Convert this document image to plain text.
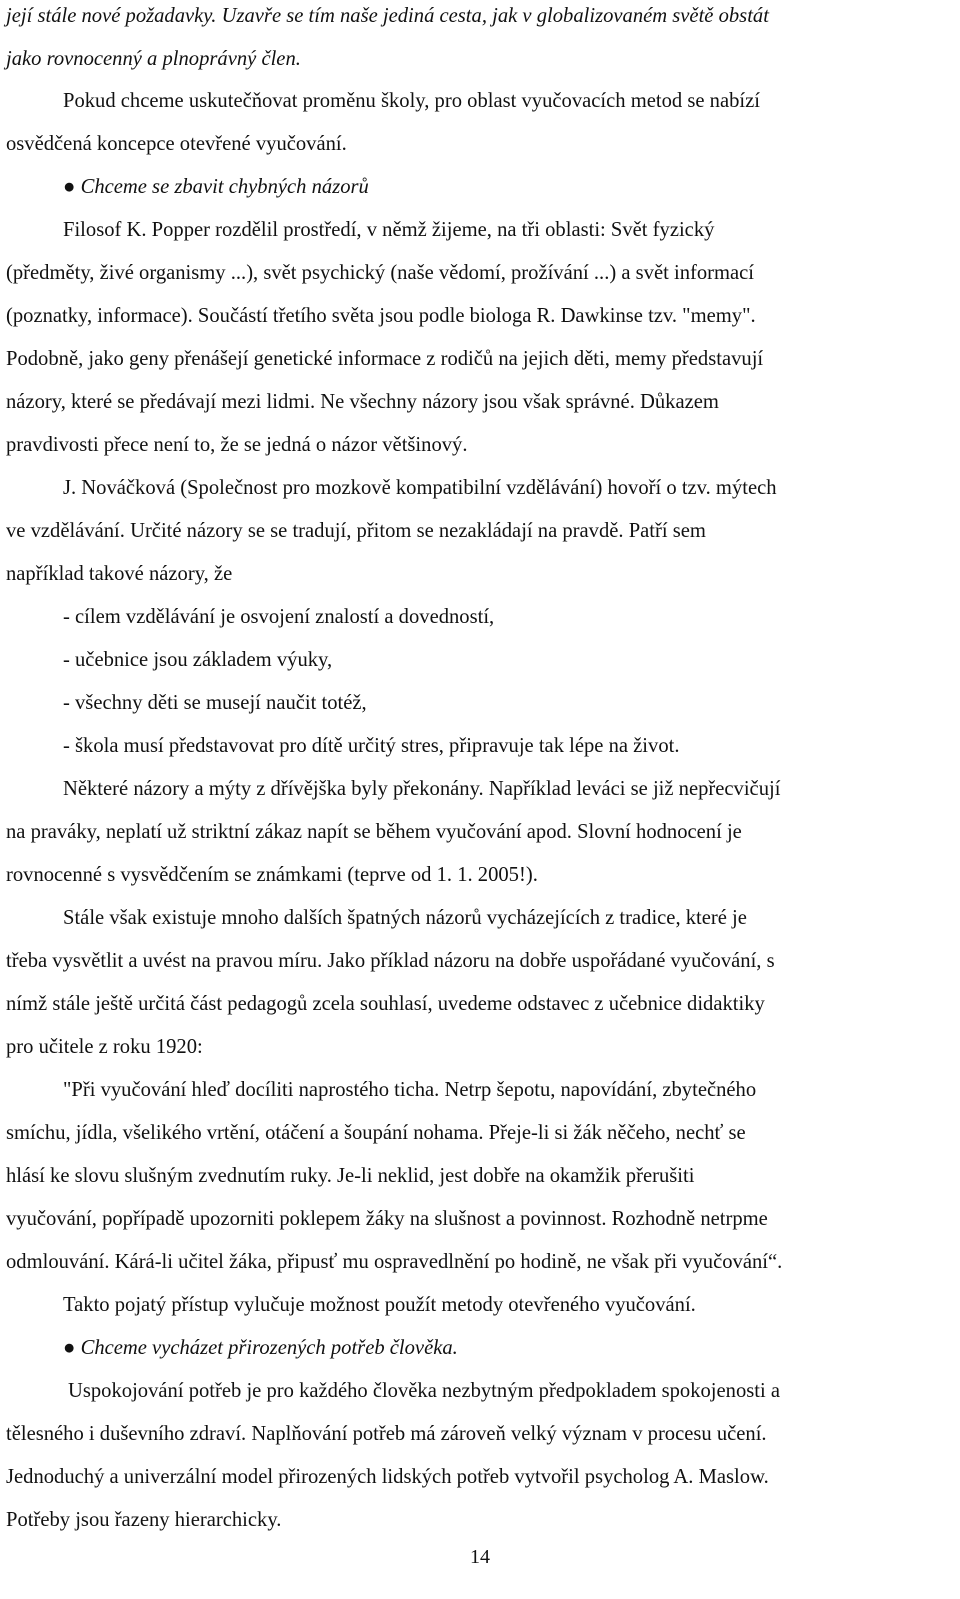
její stále nové požadavky. Uzavře se tím naše jediná cesta, jak v globalizovaném světě obstát
jako rovnocenný a plnoprávný člen.
Pokud chceme uskutečňovat proměnu školy, pro oblast vyučovacích metod se nabízí
osvědčená koncepce otevřené vyučování.
● Chceme se zbavit chybných názorů
Filosof K. Popper rozdělil prostředí, v němž žijeme, na tři oblasti: Svět fyzický
(předměty, živé organismy ...), svět psychický (naše vědomí, prožívání ...) a svět informací
(poznatky, informace). Součástí třetího světa jsou podle biologa R. Dawkinse tzv. "memy".
Podobně, jako geny přenášejí genetické informace z rodičů na jejich děti, memy představují
názory, které se předávají mezi lidmi. Ne všechny názory jsou však správné. Důkazem
pravdivosti přece není to, že se jedná o názor většinový.
J. Nováčková (Společnost pro mozkově kompatibilní vzdělávání) hovoří o tzv. mýtech
ve vzdělávání. Určité názory se se tradují, přitom se nezakládají na pravdě. Patří sem
například takové názory, že
- cílem vzdělávání je osvojení znalostí a dovedností,
- učebnice jsou základem výuky,
- všechny děti se musejí naučit totéž,
- škola musí představovat pro dítě určitý stres, připravuje tak lépe na život.
Některé názory a mýty z dřívějška byly překonány. Například leváci se již nepřecvičují
na praváky, neplatí už striktní zákaz napít se během vyučování apod. Slovní hodnocení je
rovnocenné s vysvědčením se známkami (teprve od 1. 1. 2005!).
Stále však existuje mnoho dalších špatných názorů vycházejících z tradice, které je
třeba vysvětlit a uvést na pravou míru. Jako příklad názoru na dobře uspořádané vyučování, s
nímž stále ještě určitá část pedagogů zcela souhlasí, uvedeme odstavec z učebnice didaktiky
pro učitele z roku 1920:
"Při vyučování hleď docíliti naprostého ticha. Netrp šepotu, napovídání, zbytečného
smíchu, jídla, všelikého vrtění, otáčení a šoupání nohama. Přeje-li si žák něčeho, nechť se
hlásí ke slovu slušným zvednutím ruky. Je-li neklid, jest dobře na okamžik přerušiti
vyučování, popřípadě upozorniti poklepem žáky na slušnost a povinnost. Rozhodně netrpme
odmlouvání. Kárá-li učitel žáka, připusť mu ospravedlnění po hodině, ne však při vyučování“.
Takto pojatý přístup vylučuje možnost použít metody otevřeného vyučování.
● Chceme vycházet přirozených potřeb člověka.
Uspokojování potřeb je pro každého člověka nezbytným předpokladem spokojenosti a
tělesného i duševního zdraví. Naplňování potřeb má zároveň velký význam v procesu učení.
Jednoduchý a univerzální model přirozených lidských potřeb vytvořil psycholog A. Maslow.
Potřeby jsou řazeny hierarchicky.
14
